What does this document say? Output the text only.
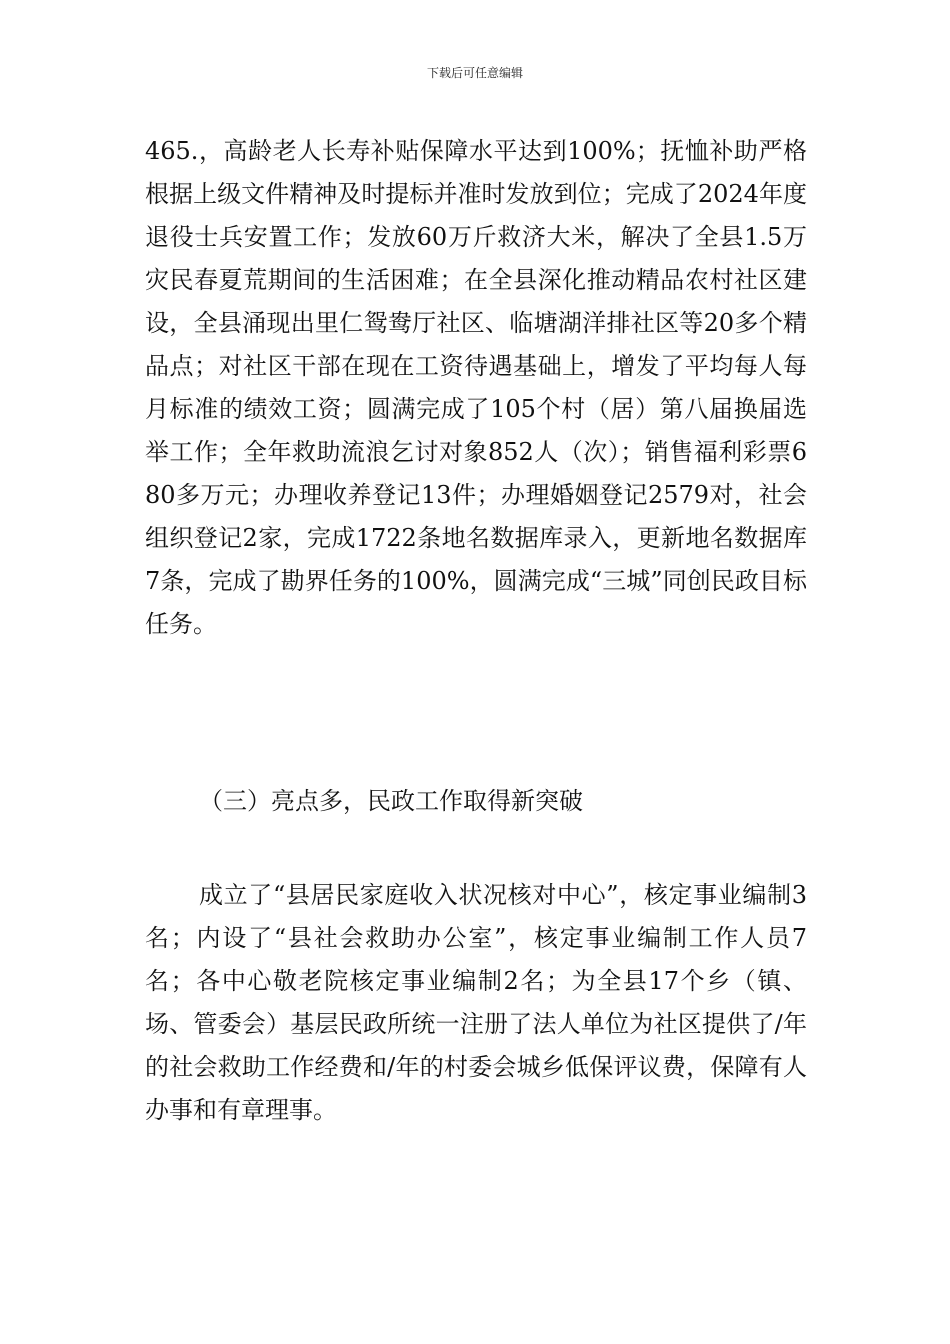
下载后可任意编辑

465.，高龄老人长寿补贴保障水平达到100%；抚恤补助严格根据上级文件精神及时提标并准时发放到位；完成了2024年度退役士兵安置工作；发放60万斤救济大米，解决了全县1.5万灾民春夏荒期间的生活困难；在全县深化推动精品农村社区建设，全县涌现出里仁鸳鸯厅社区、临塘湖洋排社区等20多个精品点；对社区干部在现在工资待遇基础上，增发了平均每人每月标准的绩效工资；圆满完成了105个村（居）第八届换届选举工作；全年救助流浪乞讨对象852人（次）；销售福利彩票680多万元；办理收养登记13件；办理婚姻登记2579对，社会组织登记2家，完成1722条地名数据库录入，更新地名数据库7条，完成了勘界任务的100%，圆满完成“三城”同创民政目标任务。

（三）亮点多，民政工作取得新突破

成立了“县居民家庭收入状况核对中心”，核定事业编制3名；内设了“县社会救助办公室”，核定事业编制工作人员7名；各中心敬老院核定事业编制2名；为全县17个乡（镇、场、管委会）基层民政所统一注册了法人单位为社区提供了/年的社会救助工作经费和/年的村委会城乡低保评议费，保障有人办事和有章理事。
